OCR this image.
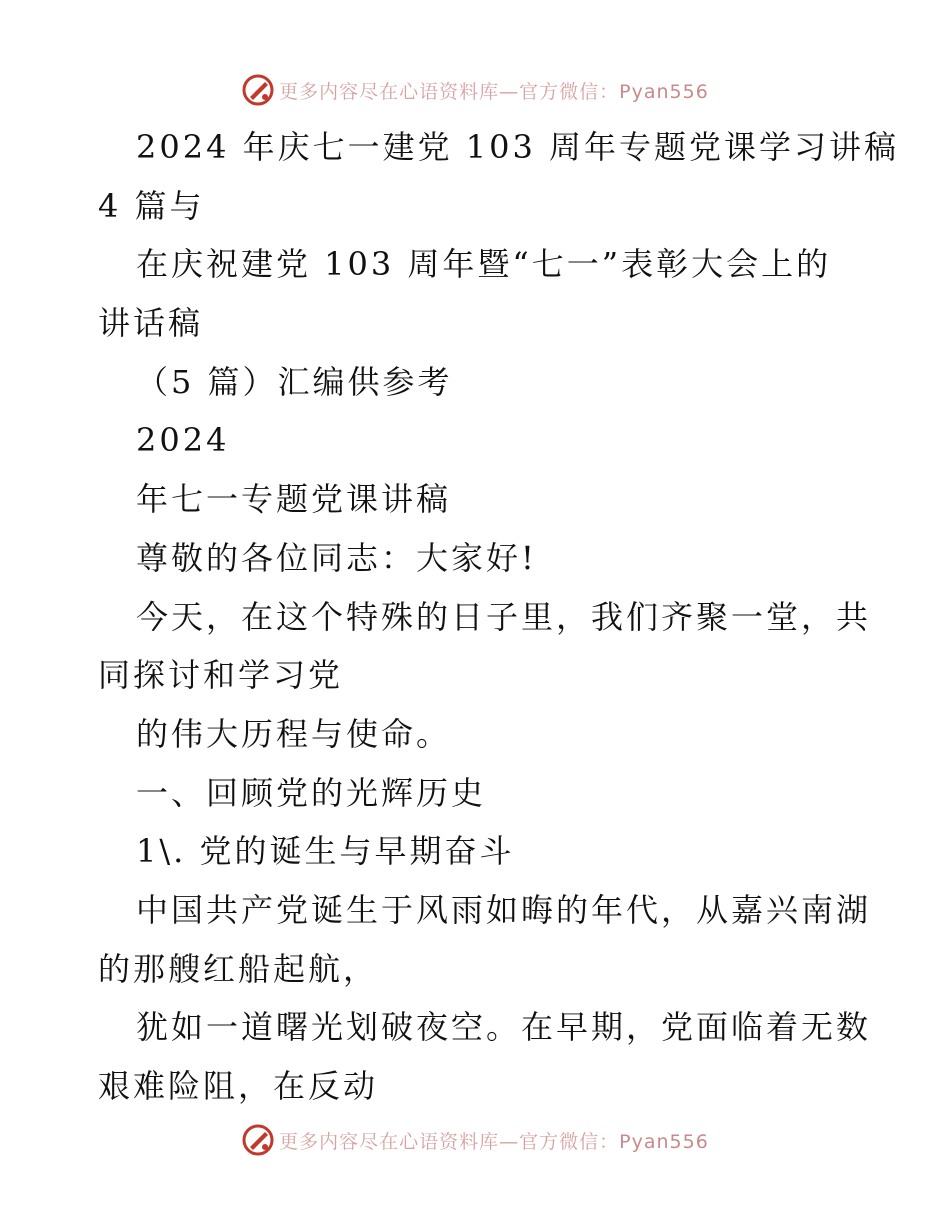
更多内容尽在心语资料库—官方微信：Pyan556
2024 年庆七一建党 103 周年专题党课学习讲稿
4 篇与
在庆祝建党 103 周年暨“七一”表彰大会上的
讲话稿
（5 篇）汇编供参考
2024
年七一专题党课讲稿
尊敬的各位同志：大家好!
今天，在这个特殊的日子里，我们齐聚一堂，共
同探讨和学习党
的伟大历程与使命。
一、回顾党的光辉历史
1\. 党的诞生与早期奋斗
中国共产党诞生于风雨如晦的年代，从嘉兴南湖
的那艘红船起航，
犹如一道曙光划破夜空。在早期，党面临着无数
艰难险阻，在反动
更多内容尽在心语资料库—官方微信：Pyan556
